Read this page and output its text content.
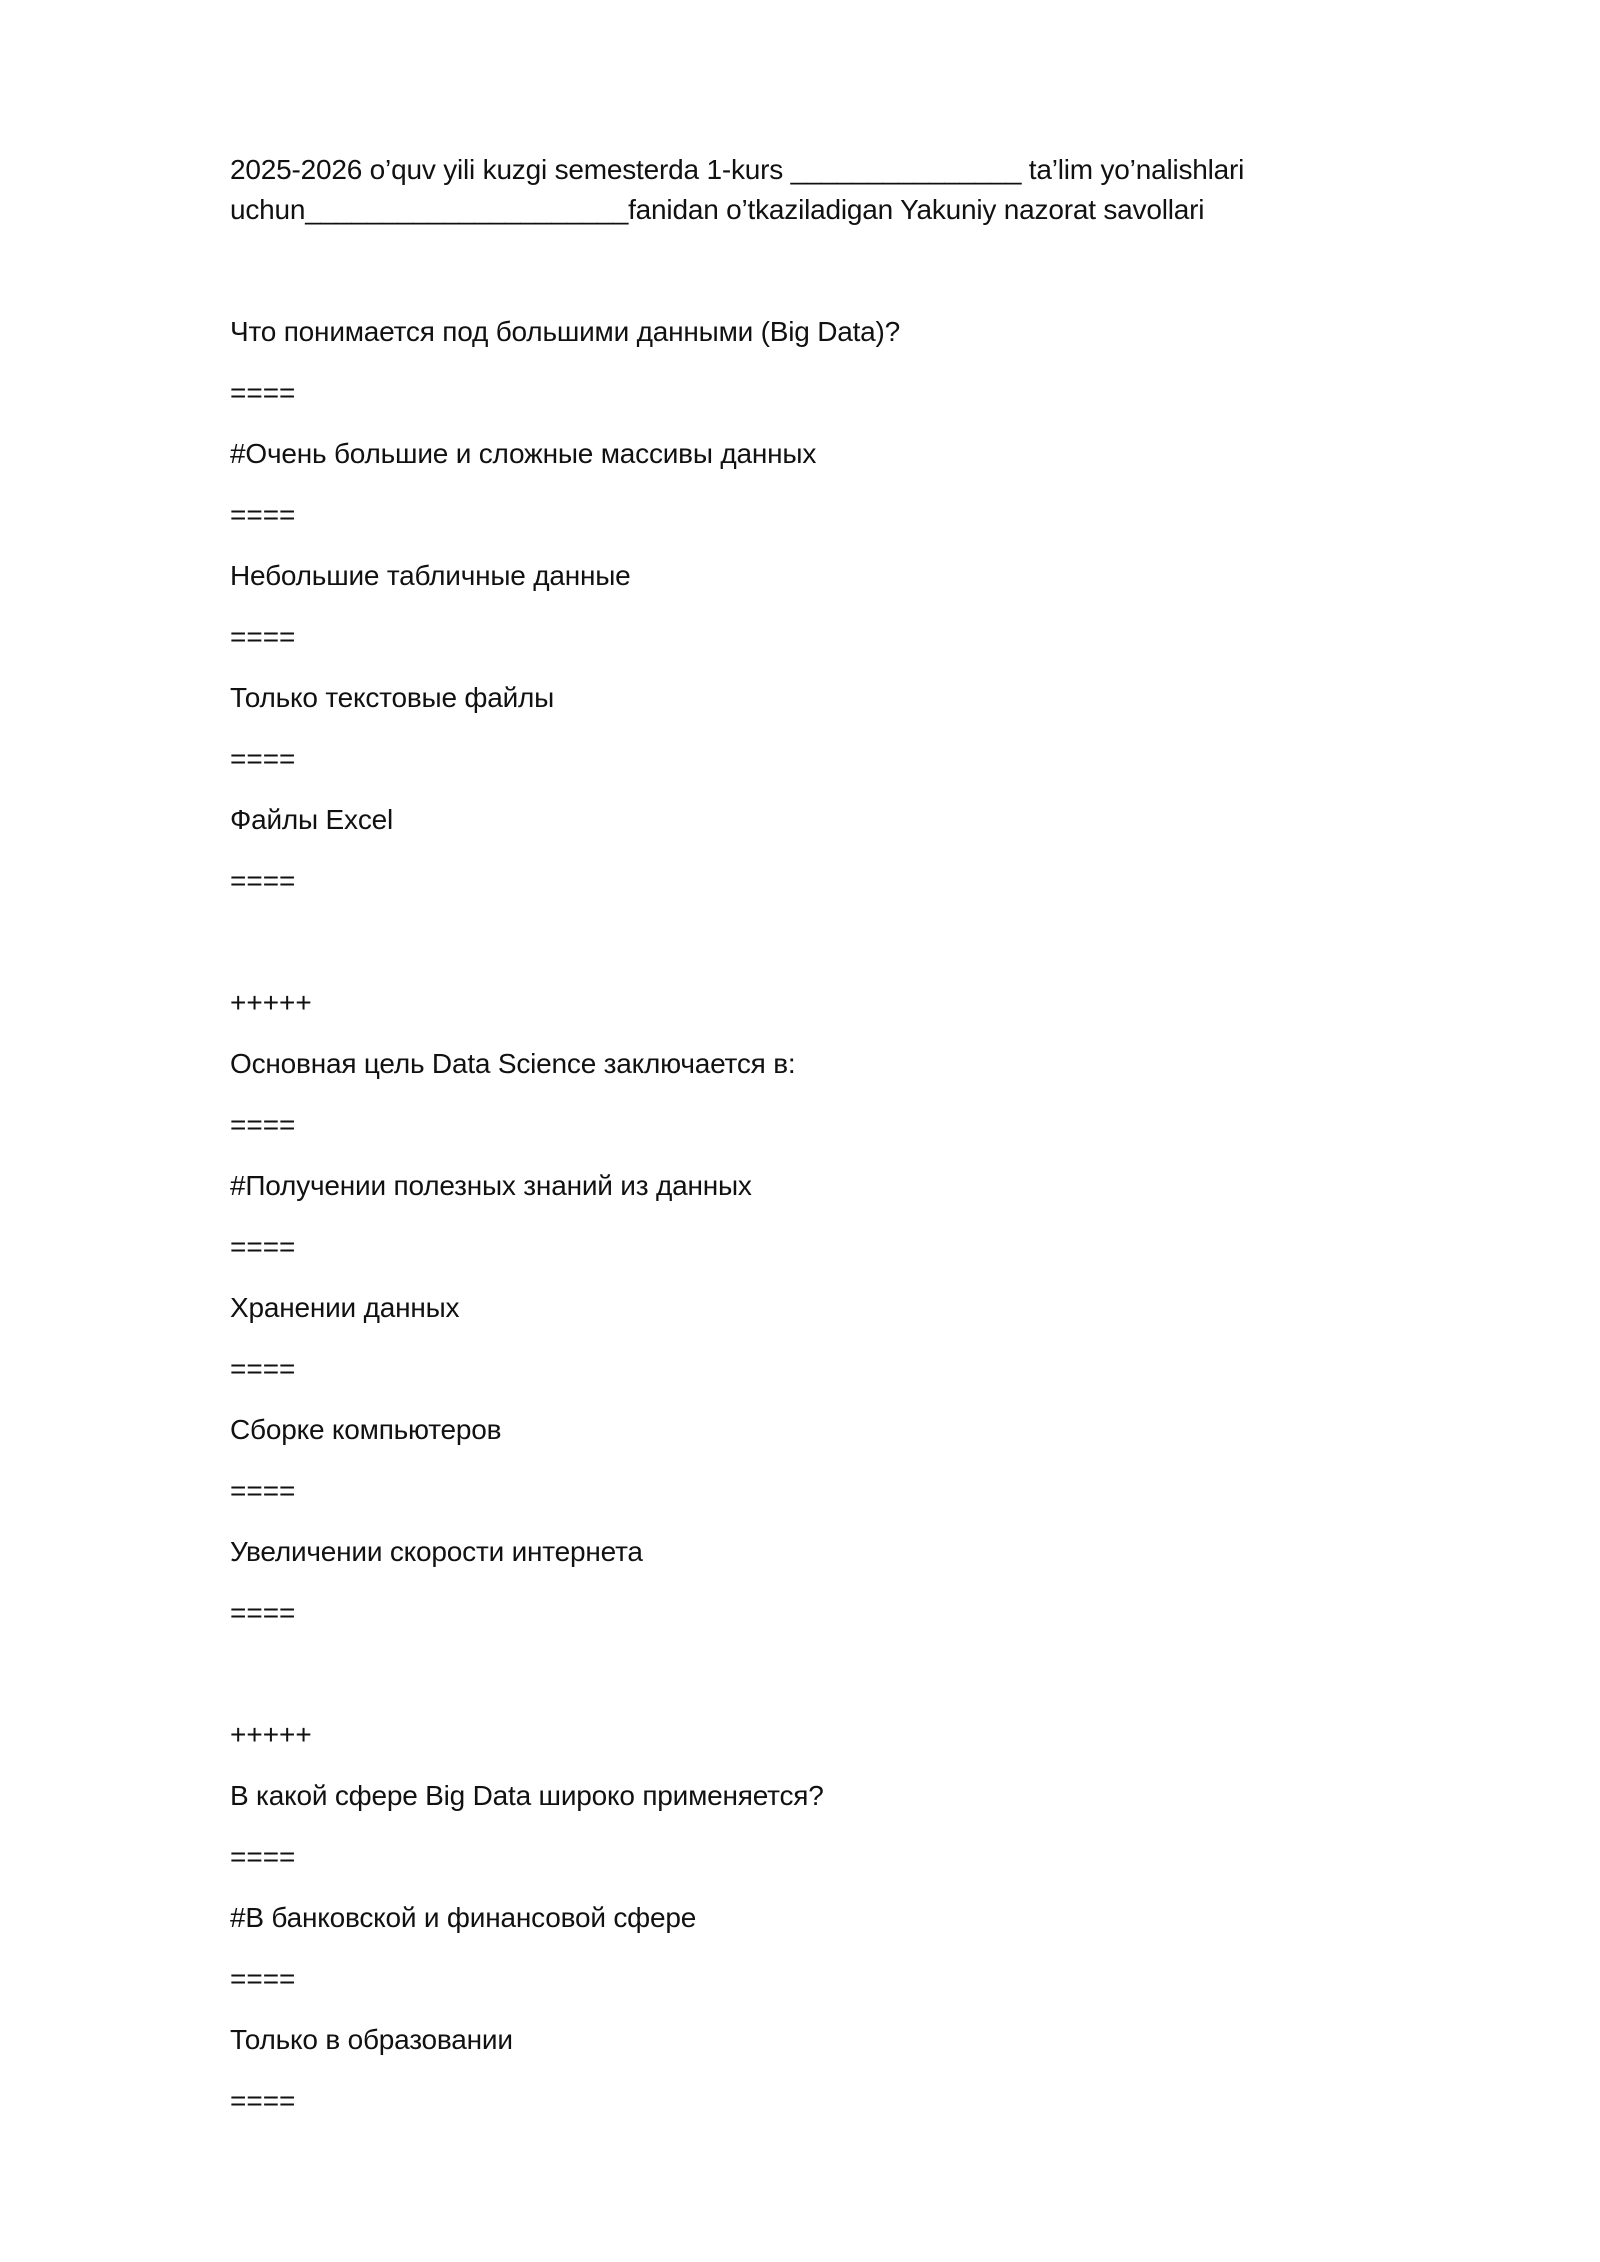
2025-2026 o’quv yili kuzgi semesterda 1-kurs _______________ ta’lim yo’nalishlari
uchun_____________________fanidan o’tkaziladigan Yakuniy nazorat savollari
Что понимается под большими данными (Big Data)?
====
#Очень большие и сложные массивы данных
====
Небольшие табличные данные
====
Только текстовые файлы
====
Файлы Excel
====
+++++
Основная цель Data Science заключается в:
====
#Получении полезных знаний из данных
====
Хранении данных
====
Сборке компьютеров
====
Увеличении скорости интернета
====
+++++
В какой сфере Big Data широко применяется?
====
#В банковской и финансовой сфере
====
Только в образовании
====
